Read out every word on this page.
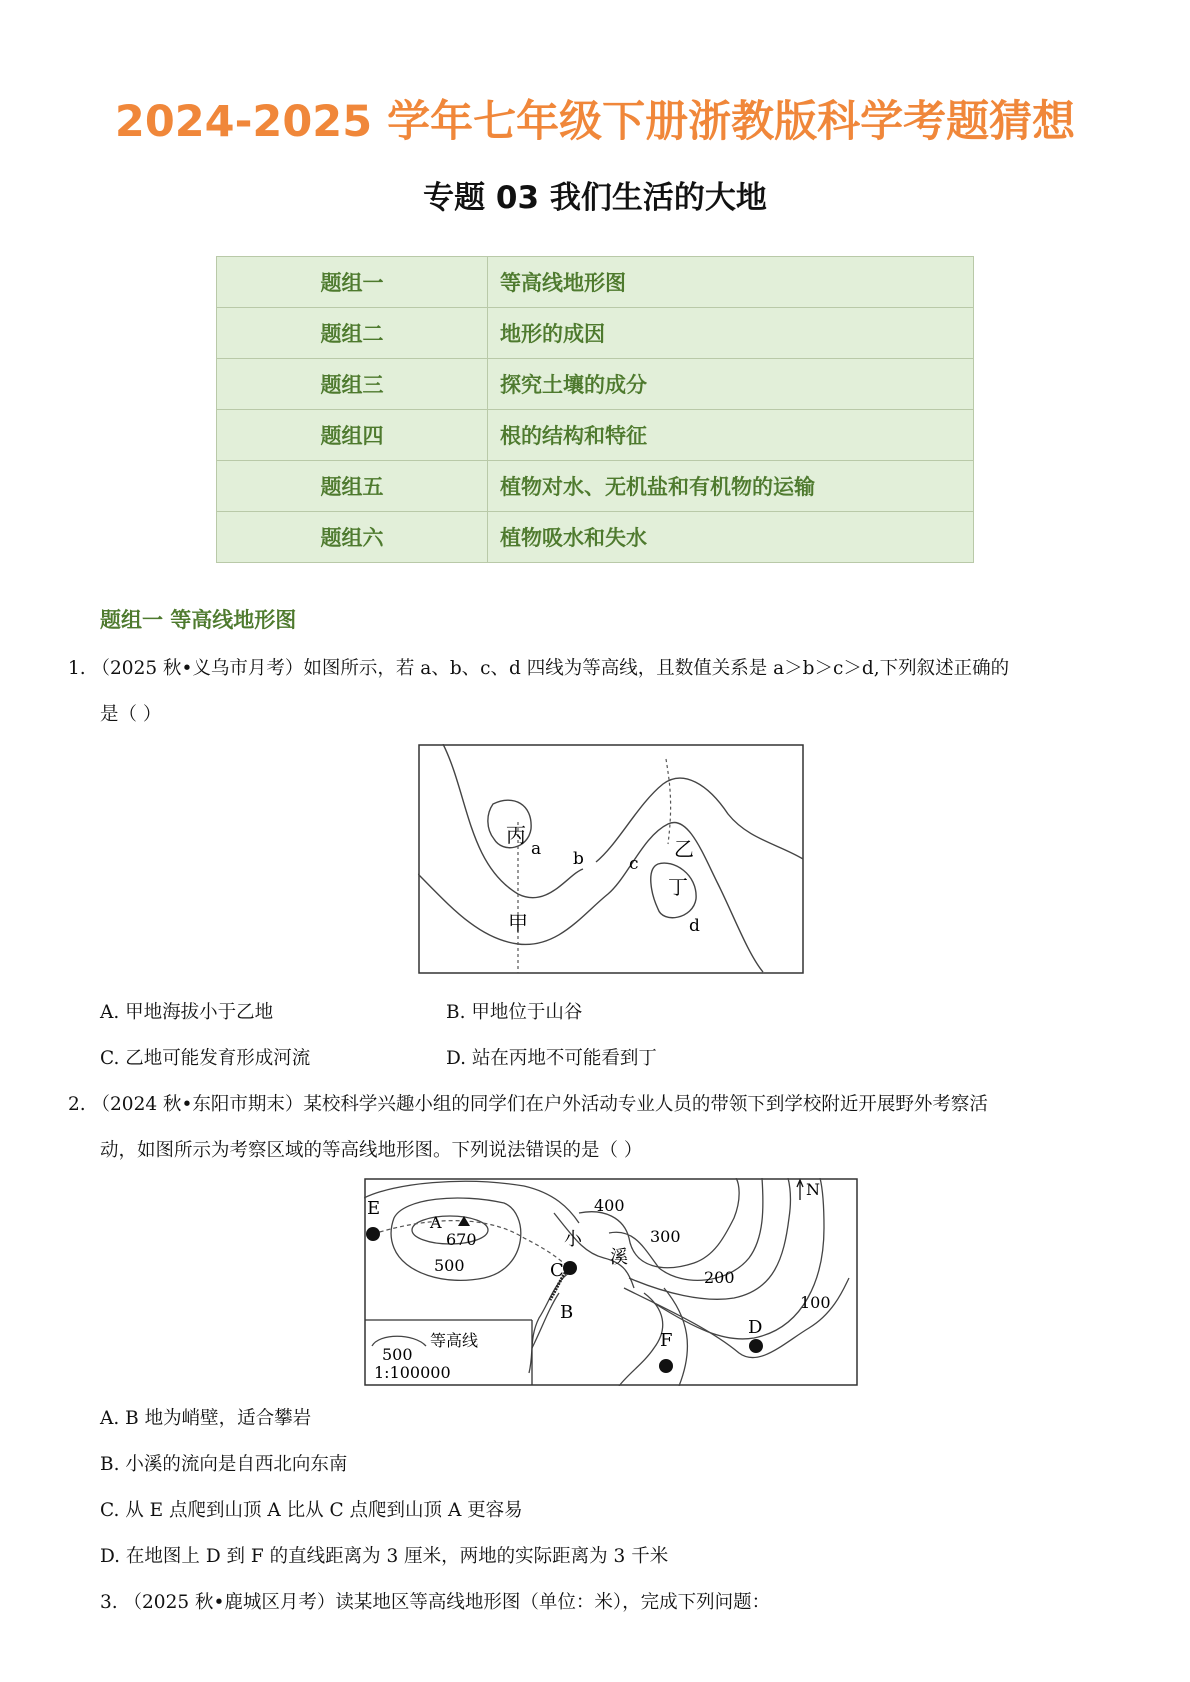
2024-2025 学年七年级下册浙教版科学考题猜想
专题 03 我们生活的大地
题组一	等高线地形图
题组二	地形的成因
题组三	探究土壤的成分
题组四	根的结构和特征
题组五	植物对水、无机盐和有机物的运输
题组六	植物吸水和失水
题组一 等高线地形图
1. （2025 秋•义乌市月考）如图所示，若 a、b、c、d 四线为等高线，且数值关系是 a＞b＞c＞d,下列叙述正确的
是（ ）
丙
a b	c
乙
丁
d
甲
A. 甲地海拔小于乙地	B. 甲地位于山谷
C. 乙地可能发育形成河流	D. 站在丙地不可能看到丁
2. （2024 秋•东阳市期末）某校科学兴趣小组的同学们在户外活动专业人员的带领下到学校附近开展野外考察活
动，如图所示为考察区域的等高线地形图。下列说法错误的是（ ）
E
A
670
500
400
300
200
100
小
溪
C
B
D
F
N
500
等高线
1:100000
A. B 地为峭壁，适合攀岩
B. 小溪的流向是自西北向东南
C. 从 E 点爬到山顶 A 比从 C 点爬到山顶 A 更容易
D. 在地图上 D 到 F 的直线距离为 3 厘米，两地的实际距离为 3 千米
3. （2025 秋•鹿城区月考）读某地区等高线地形图（单位：米），完成下列问题：
